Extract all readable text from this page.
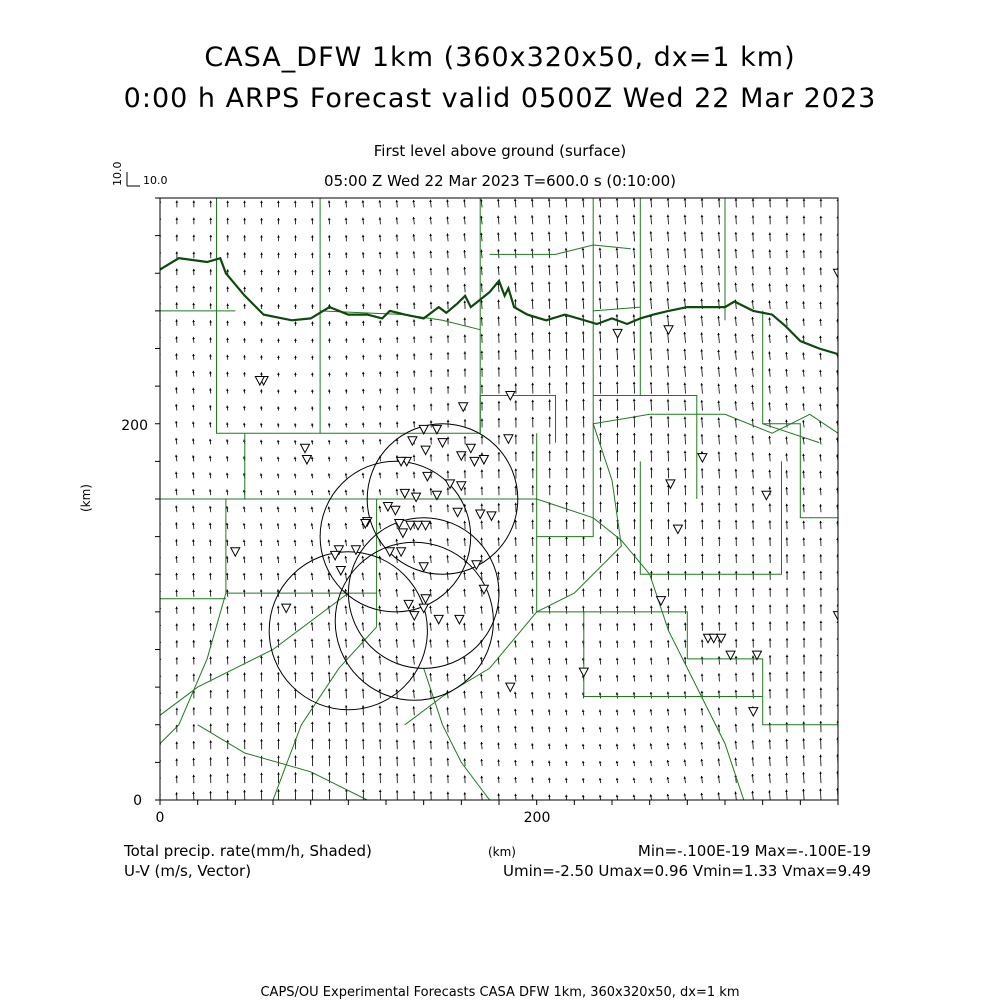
CASA_DFW 1km (360x320x50, dx=1 km)
0:00 h ARPS Forecast valid 0500Z Wed 22 Mar 2023
First level above ground (surface)
05:00 Z Wed 22 Mar 2023 T=600.0 s (0:10:00)
10.0
10.0
0
200
0	200
(km)
(km)
Total precip. rate(mm/h, Shaded)
U-V (m/s, Vector)
Min=-.100E-19 Max=-.100E-19
Umin=-2.50 Umax=0.96 Vmin=1.33 Vmax=9.49
CAPS/OU Experimental Forecasts CASA DFW 1km, 360x320x50, dx=1 km
